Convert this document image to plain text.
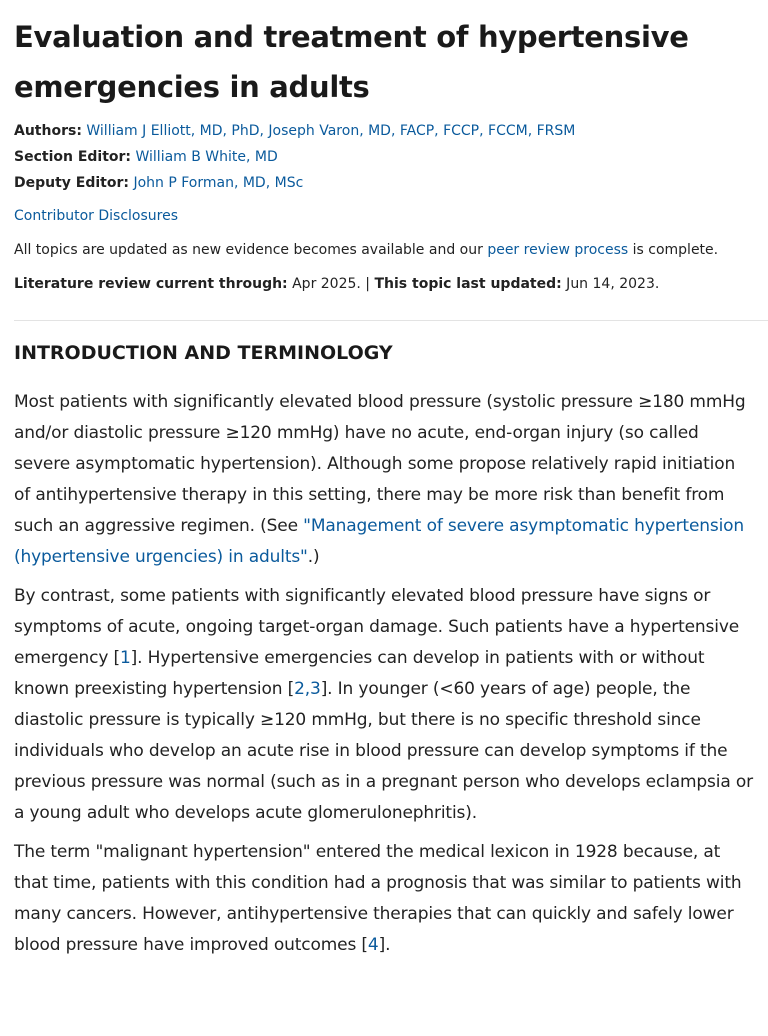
Evaluation and treatment of hypertensive emergencies in adults
Authors: William J Elliott, MD, PhD, Joseph Varon, MD, FACP, FCCP, FCCM, FRSM
Section Editor: William B White, MD
Deputy Editor: John P Forman, MD, MSc
Contributor Disclosures
All topics are updated as new evidence becomes available and our peer review process is complete.
Literature review current through: Apr 2025. | This topic last updated: Jun 14, 2023.
INTRODUCTION AND TERMINOLOGY

Most patients with significantly elevated blood pressure (systolic pressure ≥180 mmHg and/or diastolic pressure ≥120 mmHg) have no acute, end-organ injury (so called severe asymptomatic hypertension). Although some propose relatively rapid initiation of antihypertensive therapy in this setting, there may be more risk than benefit from such an aggressive regimen. (See "Management of severe asymptomatic hypertension (hypertensive urgencies) in adults".)

By contrast, some patients with significantly elevated blood pressure have signs or symptoms of acute, ongoing target-organ damage. Such patients have a hypertensive emergency [1]. Hypertensive emergencies can develop in patients with or without known preexisting hypertension [2,3]. In younger (<60 years of age) people, the diastolic pressure is typically ≥120 mmHg, but there is no specific threshold since individuals who develop an acute rise in blood pressure can develop symptoms if the previous pressure was normal (such as in a pregnant person who develops eclampsia or a young adult who develops acute glomerulonephritis).

The term "malignant hypertension" entered the medical lexicon in 1928 because, at that time, patients with this condition had a prognosis that was similar to patients with many cancers. However, antihypertensive therapies that can quickly and safely lower blood pressure have improved outcomes [4].
